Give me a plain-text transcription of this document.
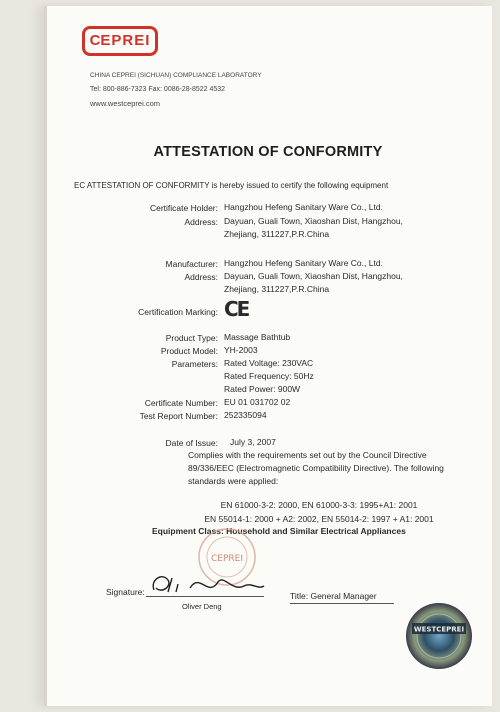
CEPREI
CHINA CEPREI (SICHUAN) COMPLIANCE LABORATORY
Tel: 800-886-7323 Fax: 0086-28-8522 4532
www.westceprei.com
ATTESTATION OF CONFORMITY
EC ATTESTATION OF CONFORMITY is hereby issued to certify the following equipment
Certificate Holder: Hangzhou Hefeng Sanitary Ware Co., Ltd.
Address: Dayuan, Guali Town, Xiaoshan Dist, Hangzhou,
Zhejiang, 311227,P.R.China
Manufacturer: Hangzhou Hefeng Sanitary Ware Co., Ltd.
Address: Dayuan, Guali Town, Xiaoshan Dist, Hangzhou,
Zhejiang, 311227,P.R.China
Certification Marking: CE
Product Type: Massage Bathtub
Product Model: YH-2003
Parameters: Rated Voltage: 230VAC
Rated Frequency: 50Hz
Rated Power: 900W
Certificate Number: EU 01 031702 02
Test Report Number: 252335094
Date of Issue: July 3, 2007
Complies with the requirements set out by the Council Directive 89/336/EEC (Electromagnetic Compatibility Directive). The following standards were applied:
EN 61000-3-2: 2000, EN 61000-3-3: 1995+A1: 2001
EN 55014-1: 2000 + A2: 2002, EN 55014-2: 1997 + A1: 2001
Equipment Class: Household and Similar Electrical Appliances
CEPREI
Signature:
Oliver Deng
Title: General Manager
WESTCEPREI
